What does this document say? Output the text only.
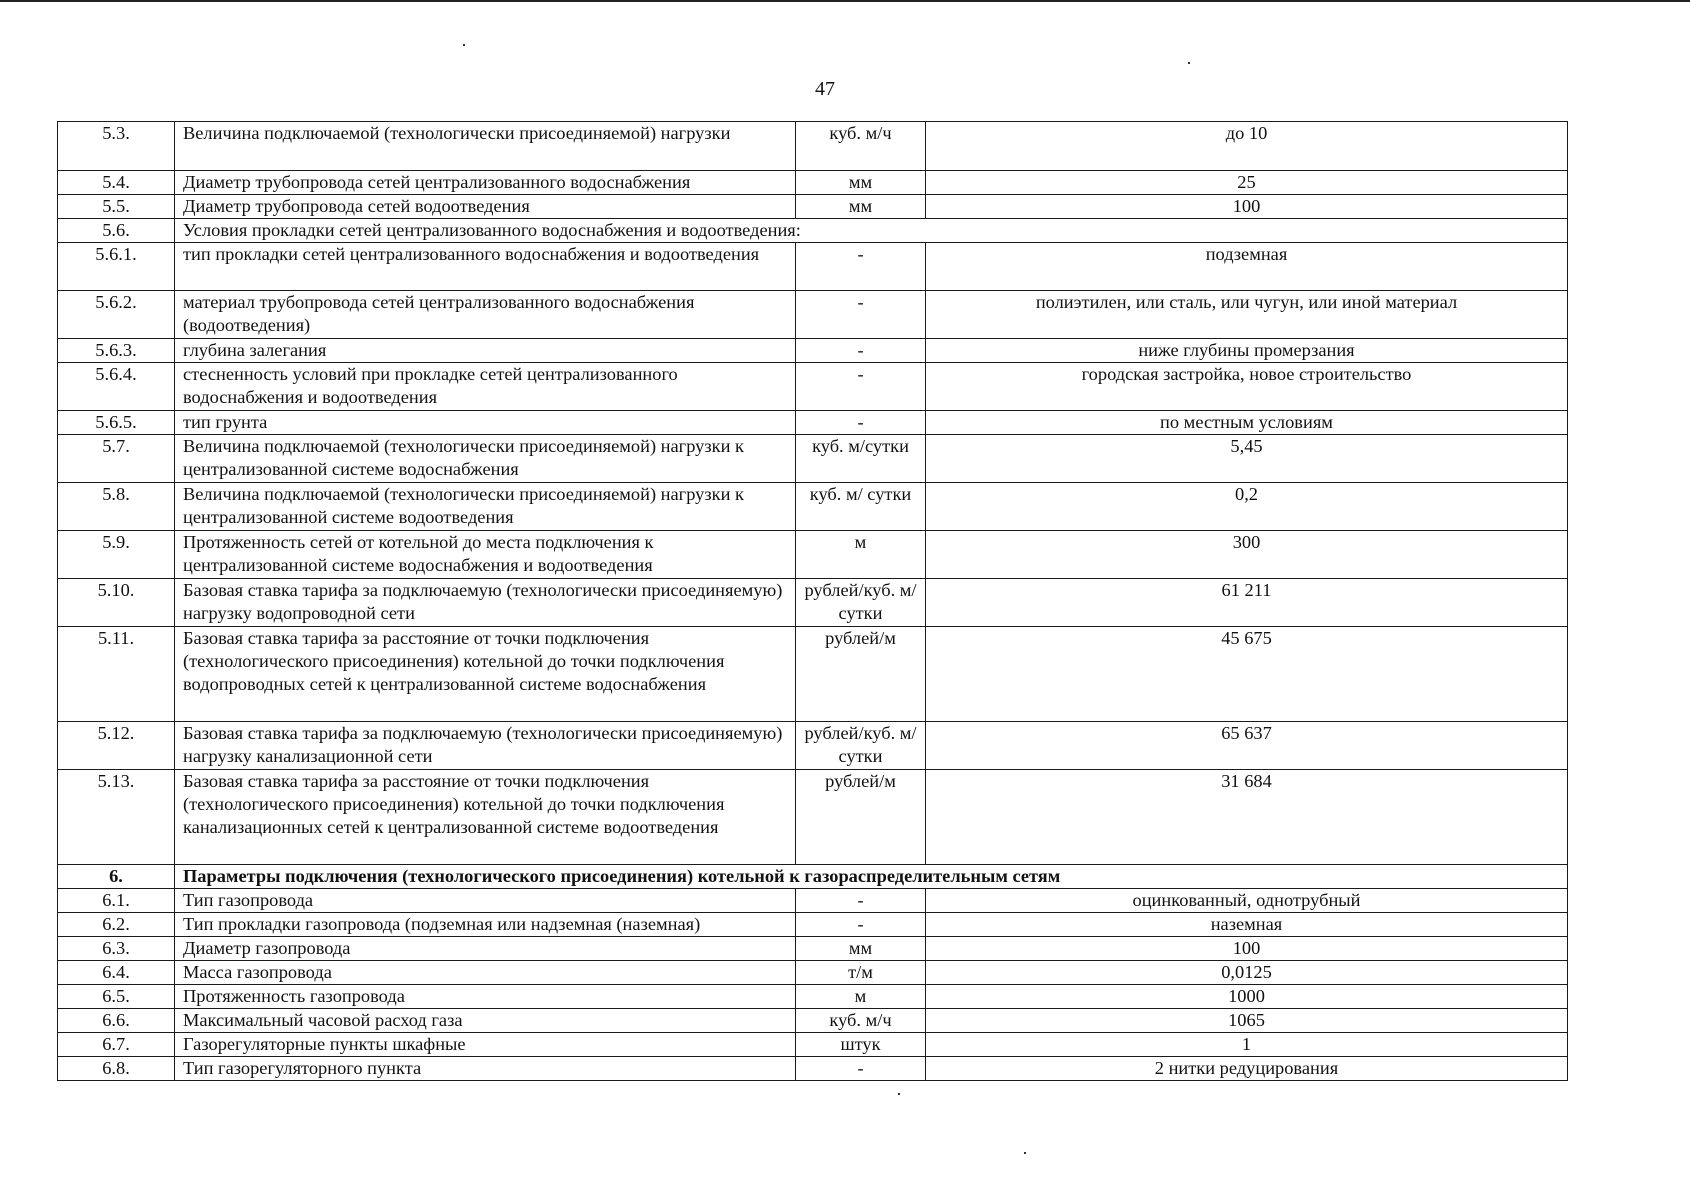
47
5.3.	Величина подключаемой (технологически присоединяемой) нагрузки	куб. м/ч	до 10
5.4.	Диаметр трубопровода сетей централизованного водоснабжения	мм	25
5.5.	Диаметр трубопровода сетей водоотведения	мм	100
5.6.	Условия прокладки сетей централизованного водоснабжения и водоотведения:		
5.6.1.	тип прокладки сетей централизованного водоснабжения и водоотведения	-	подземная
5.6.2.	материал трубопровода сетей централизованного водоснабжения (водоотведения)	-	полиэтилен, или сталь, или чугун, или иной материал
5.6.3.	глубина залегания	-	ниже глубины промерзания
5.6.4.	стесненность условий при прокладке сетей централизованного водоснабжения и водоотведения	-	городская застройка, новое строительство
5.6.5.	тип грунта	-	по местным условиям
5.7.	Величина подключаемой (технологически присоединяемой) нагрузки к централизованной системе водоснабжения	куб. м/сутки	5,45
5.8.	Величина подключаемой (технологически присоединяемой) нагрузки к централизованной системе водоотведения	куб. м/ сутки	0,2
5.9.	Протяженность сетей от котельной до места подключения к централизованной системе водоснабжения и водоотведения	м	300
5.10.	Базовая ставка тарифа за подключаемую (технологически присоединяемую) нагрузку водопроводной сети	рублей/куб. м/сутки	61 211
5.11.	Базовая ставка тарифа за расстояние от точки подключения (технологического присоединения) котельной до точки подключения водопроводных сетей к централизованной системе водоснабжения	рублей/м	45 675
5.12.	Базовая ставка тарифа за подключаемую (технологически присоединяемую) нагрузку канализационной сети	рублей/куб. м/сутки	65 637
5.13.	Базовая ставка тарифа за расстояние от точки подключения (технологического присоединения) котельной до точки подключения канализационных сетей к централизованной системе водоотведения	рублей/м	31 684
6.	Параметры подключения (технологического присоединения) котельной к газораспределительным сетям		
6.1.	Тип газопровода	-	оцинкованный, однотрубный
6.2.	Тип прокладки газопровода (подземная или надземная (наземная)	-	наземная
6.3.	Диаметр газопровода	мм	100
6.4.	Масса газопровода	т/м	0,0125
6.5.	Протяженность газопровода	м	1000
6.6.	Максимальный часовой расход газа	куб. м/ч	1065
6.7.	Газорегуляторные пункты шкафные	штук	1
6.8.	Тип газорегуляторного пункта	-	2 нитки редуцирования
